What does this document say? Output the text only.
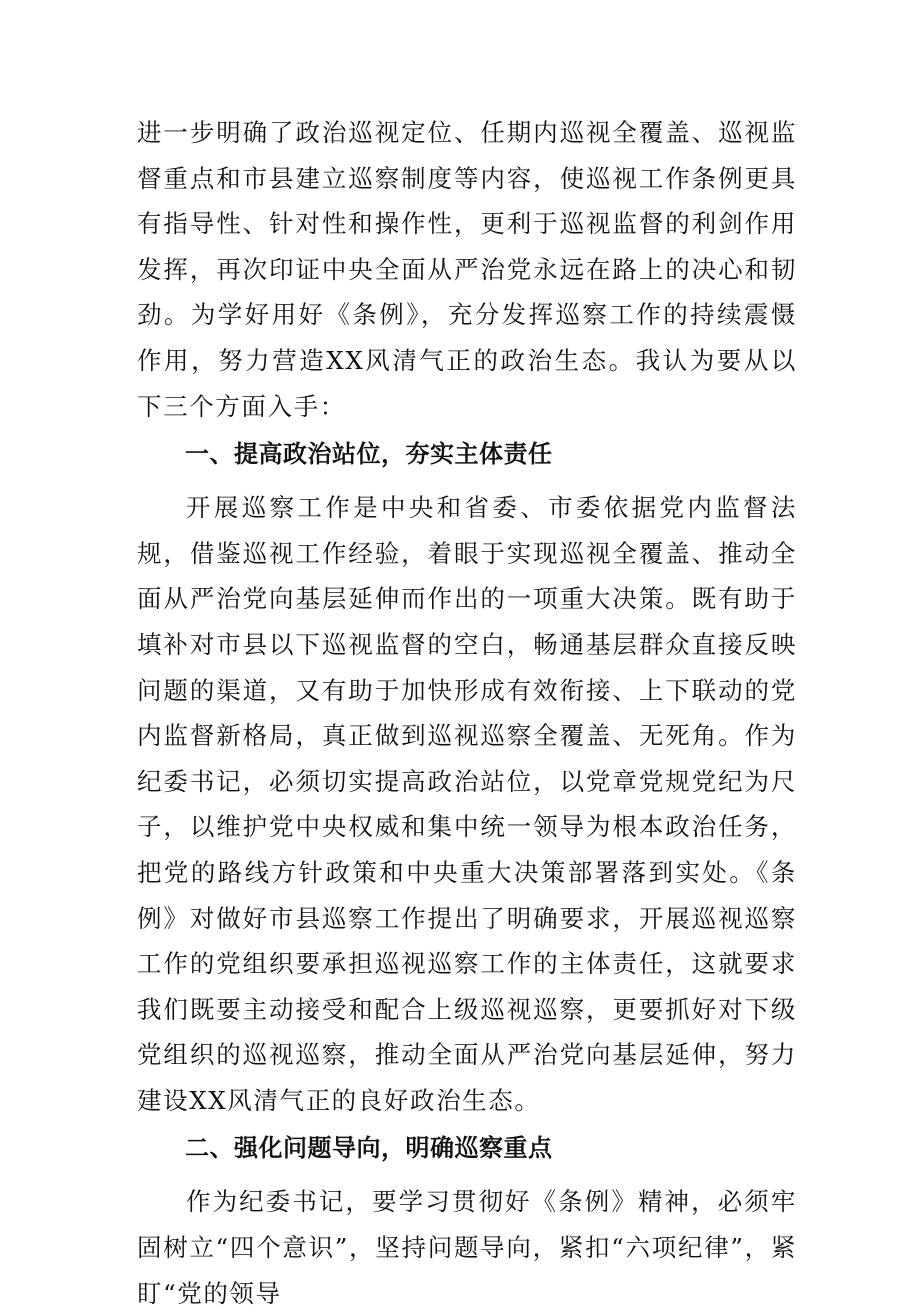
进一步明确了政治巡视定位、任期内巡视全覆盖、巡视监督重点和市县建立巡察制度等内容，使巡视工作条例更具有指导性、针对性和操作性，更利于巡视监督的利剑作用发挥，再次印证中央全面从严治党永远在路上的决心和韧劲。为学好用好《条例》，充分发挥巡察工作的持续震慑作用，努力营造XX风清气正的政治生态。我认为要从以下三个方面入手：

一、提高政治站位，夯实主体责任

开展巡察工作是中央和省委、市委依据党内监督法规，借鉴巡视工作经验，着眼于实现巡视全覆盖、推动全面从严治党向基层延伸而作出的一项重大决策。既有助于填补对市县以下巡视监督的空白，畅通基层群众直接反映问题的渠道，又有助于加快形成有效衔接、上下联动的党内监督新格局，真正做到巡视巡察全覆盖、无死角。作为纪委书记，必须切实提高政治站位，以党章党规党纪为尺子，以维护党中央权威和集中统一领导为根本政治任务，把党的路线方针政策和中央重大决策部署落到实处。《条例》对做好市县巡察工作提出了明确要求，开展巡视巡察工作的党组织要承担巡视巡察工作的主体责任，这就要求我们既要主动接受和配合上级巡视巡察，更要抓好对下级党组织的巡视巡察，推动全面从严治党向基层延伸，努力建设XX风清气正的良好政治生态。

二、强化问题导向，明确巡察重点

作为纪委书记，要学习贯彻好《条例》精神，必须牢固树立“四个意识”，坚持问题导向，紧扣“六项纪律”，紧盯“党的领导
